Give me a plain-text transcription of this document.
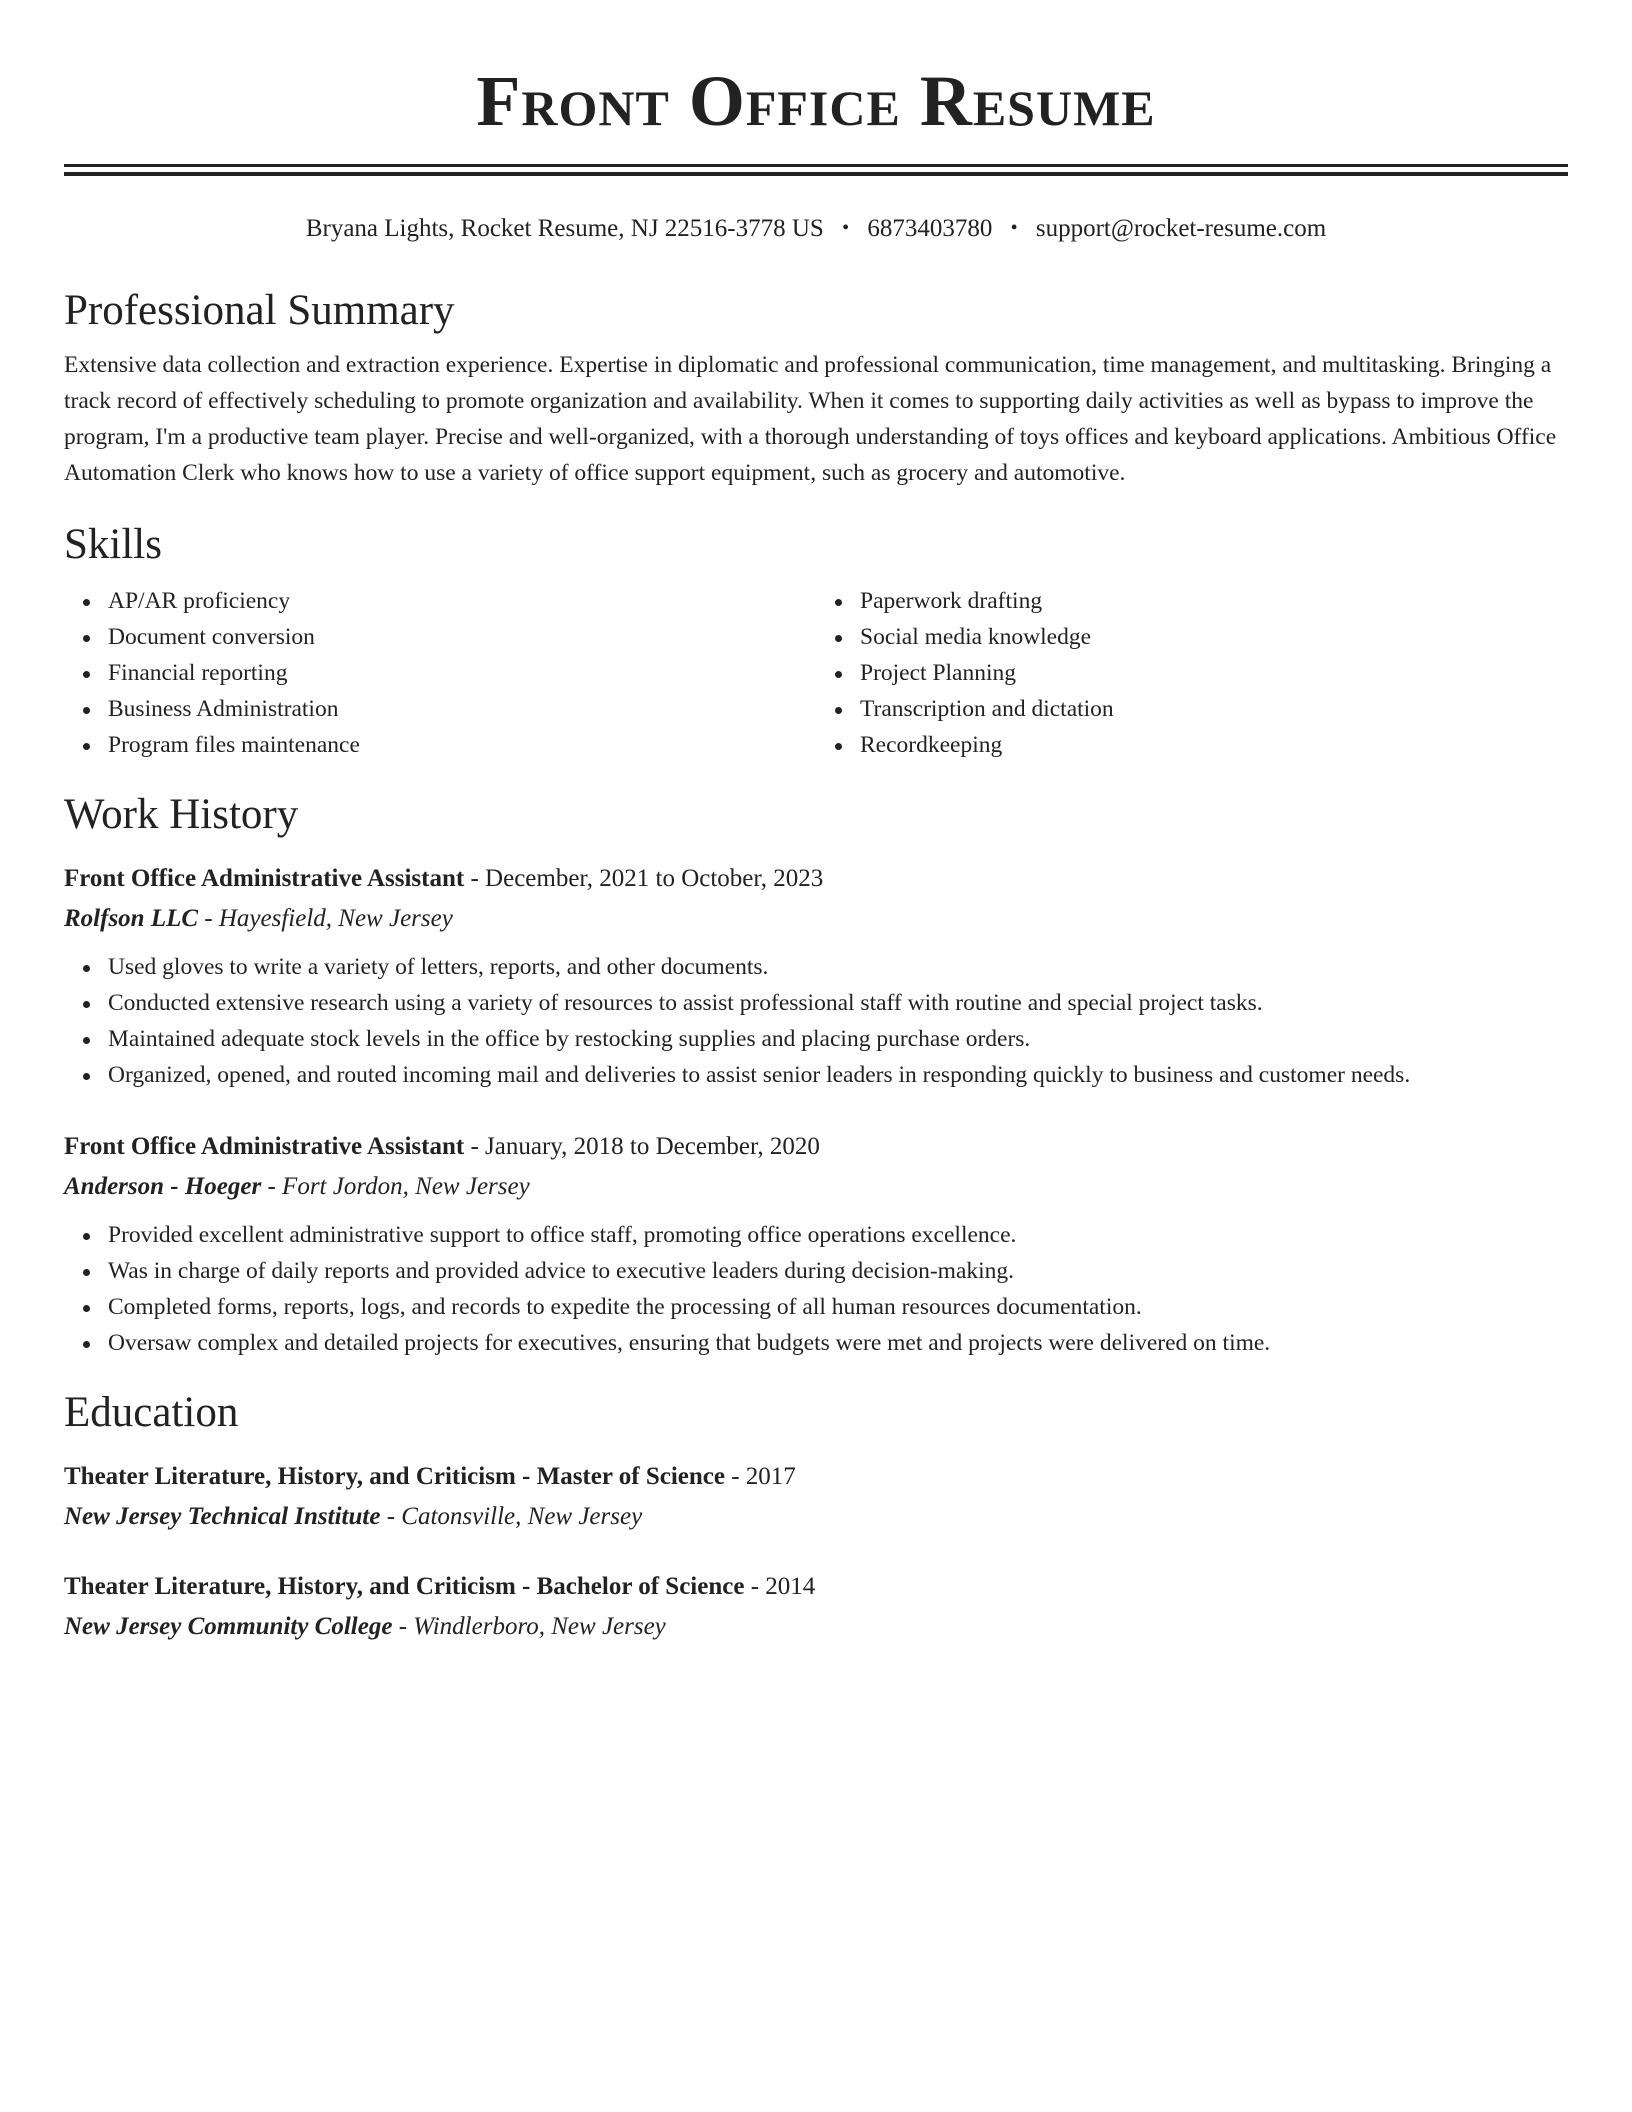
Front Office Resume
Bryana Lights, Rocket Resume, NJ 22516-3778 US • 6873403780 • support@rocket-resume.com
Professional Summary
Extensive data collection and extraction experience. Expertise in diplomatic and professional communication, time management, and multitasking. Bringing a track record of effectively scheduling to promote organization and availability. When it comes to supporting daily activities as well as bypass to improve the program, I'm a productive team player. Precise and well-organized, with a thorough understanding of toys offices and keyboard applications. Ambitious Office Automation Clerk who knows how to use a variety of office support equipment, such as grocery and automotive.
Skills
AP/AR proficiency
Document conversion
Financial reporting
Business Administration
Program files maintenance
Paperwork drafting
Social media knowledge
Project Planning
Transcription and dictation
Recordkeeping
Work History
Front Office Administrative Assistant - December, 2021 to October, 2023
Rolfson LLC - Hayesfield, New Jersey
Used gloves to write a variety of letters, reports, and other documents.
Conducted extensive research using a variety of resources to assist professional staff with routine and special project tasks.
Maintained adequate stock levels in the office by restocking supplies and placing purchase orders.
Organized, opened, and routed incoming mail and deliveries to assist senior leaders in responding quickly to business and customer needs.
Front Office Administrative Assistant - January, 2018 to December, 2020
Anderson - Hoeger - Fort Jordon, New Jersey
Provided excellent administrative support to office staff, promoting office operations excellence.
Was in charge of daily reports and provided advice to executive leaders during decision-making.
Completed forms, reports, logs, and records to expedite the processing of all human resources documentation.
Oversaw complex and detailed projects for executives, ensuring that budgets were met and projects were delivered on time.
Education
Theater Literature, History, and Criticism - Master of Science - 2017
New Jersey Technical Institute - Catonsville, New Jersey
Theater Literature, History, and Criticism - Bachelor of Science - 2014
New Jersey Community College - Windlerboro, New Jersey
